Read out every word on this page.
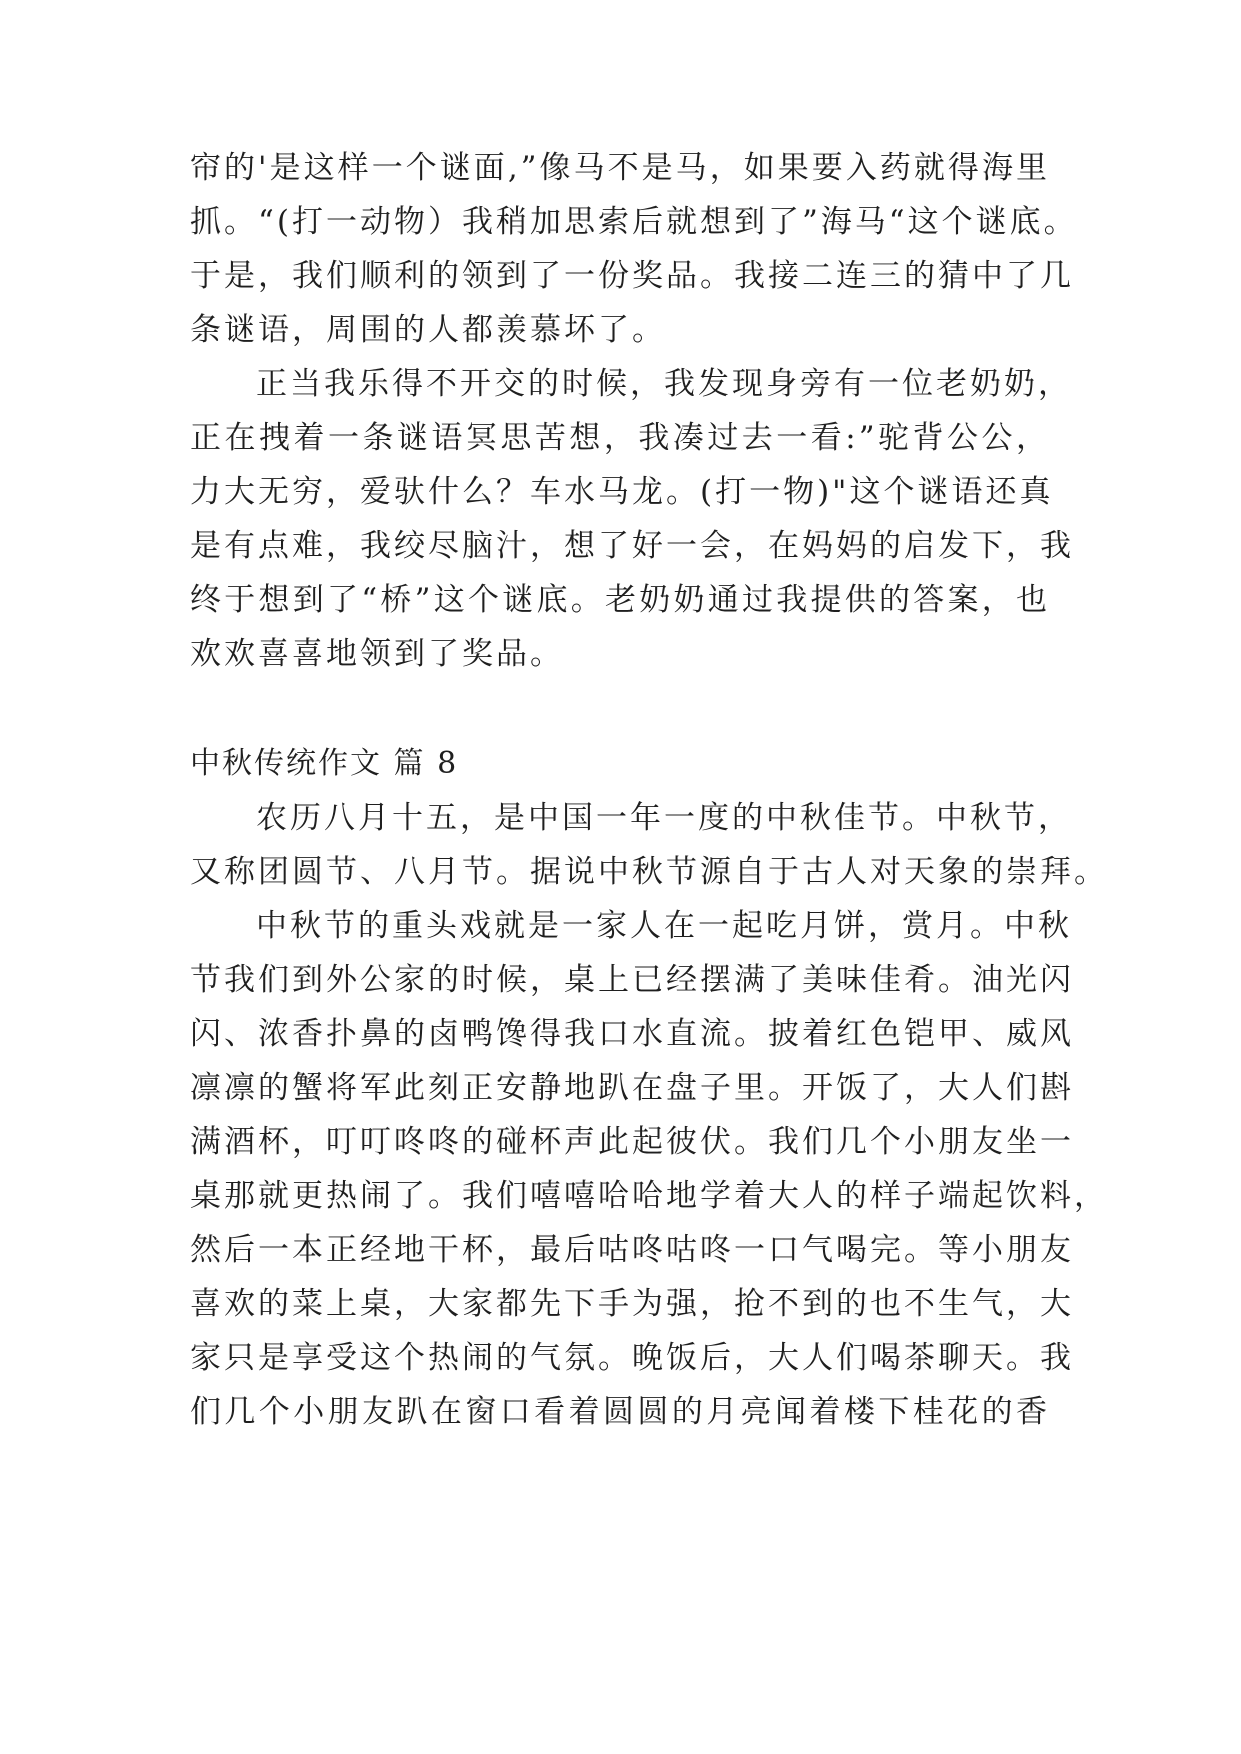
帘的'是这样一个谜面,”像马不是马，如果要入药就得海里
抓。“(打一动物）我稍加思索后就想到了”海马“这个谜底。
于是，我们顺利的领到了一份奖品。我接二连三的猜中了几
条谜语，周围的人都羡慕坏了。
正当我乐得不开交的时候，我发现身旁有一位老奶奶，
正在拽着一条谜语冥思苦想，我凑过去一看:”驼背公公，
力大无穷，爱驮什么？车水马龙。(打一物)"这个谜语还真
是有点难，我绞尽脑汁，想了好一会，在妈妈的启发下，我
终于想到了“桥”这个谜底。老奶奶通过我提供的答案，也
欢欢喜喜地领到了奖品。
中秋传统作文 篇 8
农历八月十五，是中国一年一度的中秋佳节。中秋节，
又称团圆节、八月节。据说中秋节源自于古人对天象的崇拜。
中秋节的重头戏就是一家人在一起吃月饼，赏月。中秋
节我们到外公家的时候，桌上已经摆满了美味佳肴。油光闪
闪、浓香扑鼻的卤鸭馋得我口水直流。披着红色铠甲、威风
凛凛的蟹将军此刻正安静地趴在盘子里。开饭了，大人们斟
满酒杯，叮叮咚咚的碰杯声此起彼伏。我们几个小朋友坐一
桌那就更热闹了。我们嘻嘻哈哈地学着大人的样子端起饮料，
然后一本正经地干杯，最后咕咚咕咚一口气喝完。等小朋友
喜欢的菜上桌，大家都先下手为强，抢不到的也不生气，大
家只是享受这个热闹的气氛。晚饭后，大人们喝茶聊天。我
们几个小朋友趴在窗口看着圆圆的月亮闻着楼下桂花的香
